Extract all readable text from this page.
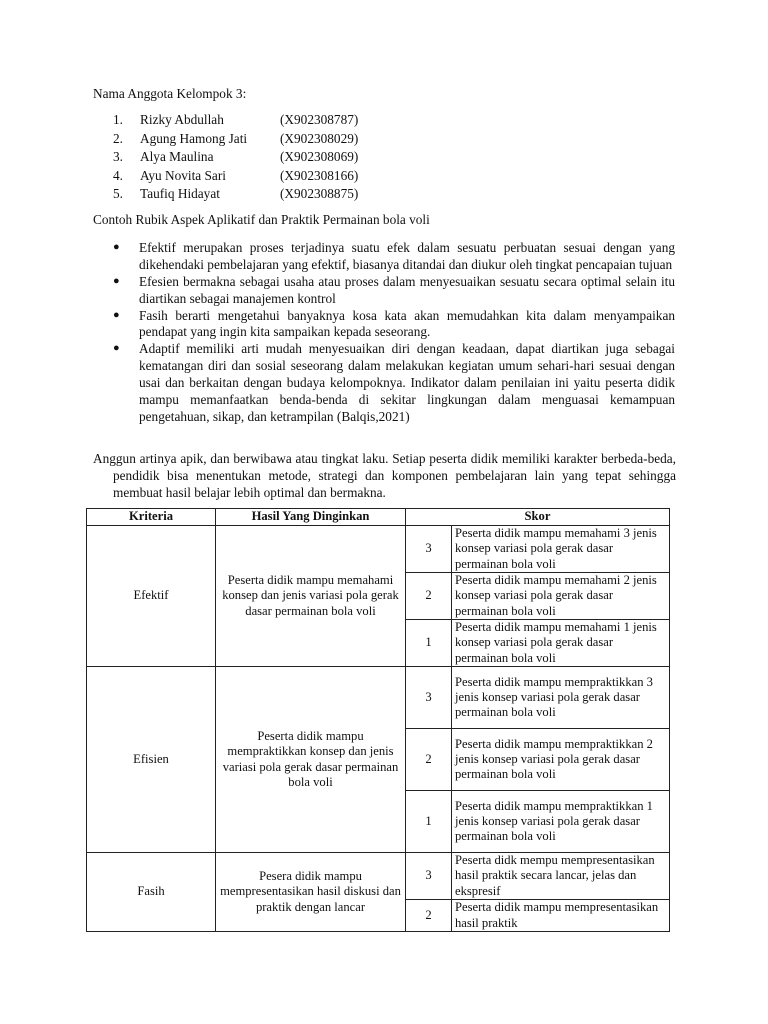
Nama Anggota Kelompok 3:
1.	Rizky Abdullah	(X902308787)
2.	Agung Hamong Jati	(X902308029)
3.	Alya Maulina	(X902308069)
4.	Ayu Novita Sari	(X902308166)
5.	Taufiq Hidayat	(X902308875)
Contoh Rubik Aspek Aplikatif dan Praktik Permainan bola voli
●	Efektif merupakan proses terjadinya suatu efek dalam sesuatu perbuatan sesuai dengan yang dikehendaki pembelajaran yang efektif, biasanya ditandai dan diukur oleh tingkat pencapaian tujuan
●	Efesien bermakna sebagai usaha atau proses dalam menyesuaikan sesuatu secara optimal selain itu diartikan sebagai manajemen kontrol
●	Fasih berarti mengetahui banyaknya kosa kata akan memudahkan kita dalam menyampaikan pendapat yang ingin kita sampaikan kepada seseorang.
●	Adaptif memiliki arti mudah menyesuaikan diri dengan keadaan, dapat diartikan juga sebagai kematangan diri dan sosial seseorang dalam melakukan kegiatan umum sehari-hari sesuai dengan usai dan berkaitan dengan budaya kelompoknya. Indikator dalam penilaian ini yaitu peserta didik mampu memanfaatkan benda-benda di sekitar lingkungan dalam menguasai kemampuan pengetahuan, sikap, dan ketrampilan (Balqis,2021)
Anggun artinya apik, dan berwibawa atau tingkat laku. Setiap peserta didik memiliki karakter berbeda-beda, pendidik bisa menentukan metode, strategi dan komponen pembelajaran lain yang tepat sehingga membuat hasil belajar lebih optimal dan bermakna.
Kriteria	Hasil Yang Dinginkan	Skor	
Efektif	Peserta didik mampu memahami konsep dan jenis variasi pola gerak dasar permainan bola voli	3	Peserta didik mampu memahami 3 jenis konsep variasi pola gerak dasar permainan bola voli
		2	Peserta didik mampu memahami 2 jenis konsep variasi pola gerak dasar permainan bola voli
		1	Peserta didik mampu memahami 1 jenis konsep variasi pola gerak dasar permainan bola voli
Efisien	Peserta didik mampu mempraktikkan konsep dan jenis variasi pola gerak dasar permainan bola voli	3	Peserta didik mampu mempraktikkan 3 jenis konsep variasi pola gerak dasar permainan bola voli
		2	Peserta didik mampu mempraktikkan 2 jenis konsep variasi pola gerak dasar permainan bola voli
		1	Peserta didik mampu mempraktikkan 1 jenis konsep variasi pola gerak dasar permainan bola voli
Fasih	Pesera didik mampu mempresentasikan hasil diskusi dan praktik dengan lancar	3	Peserta didk mempu mempresentasikan hasil praktik secara lancar, jelas dan ekspresif
		2	Peserta didik mampu mempresentasikan hasil praktik
